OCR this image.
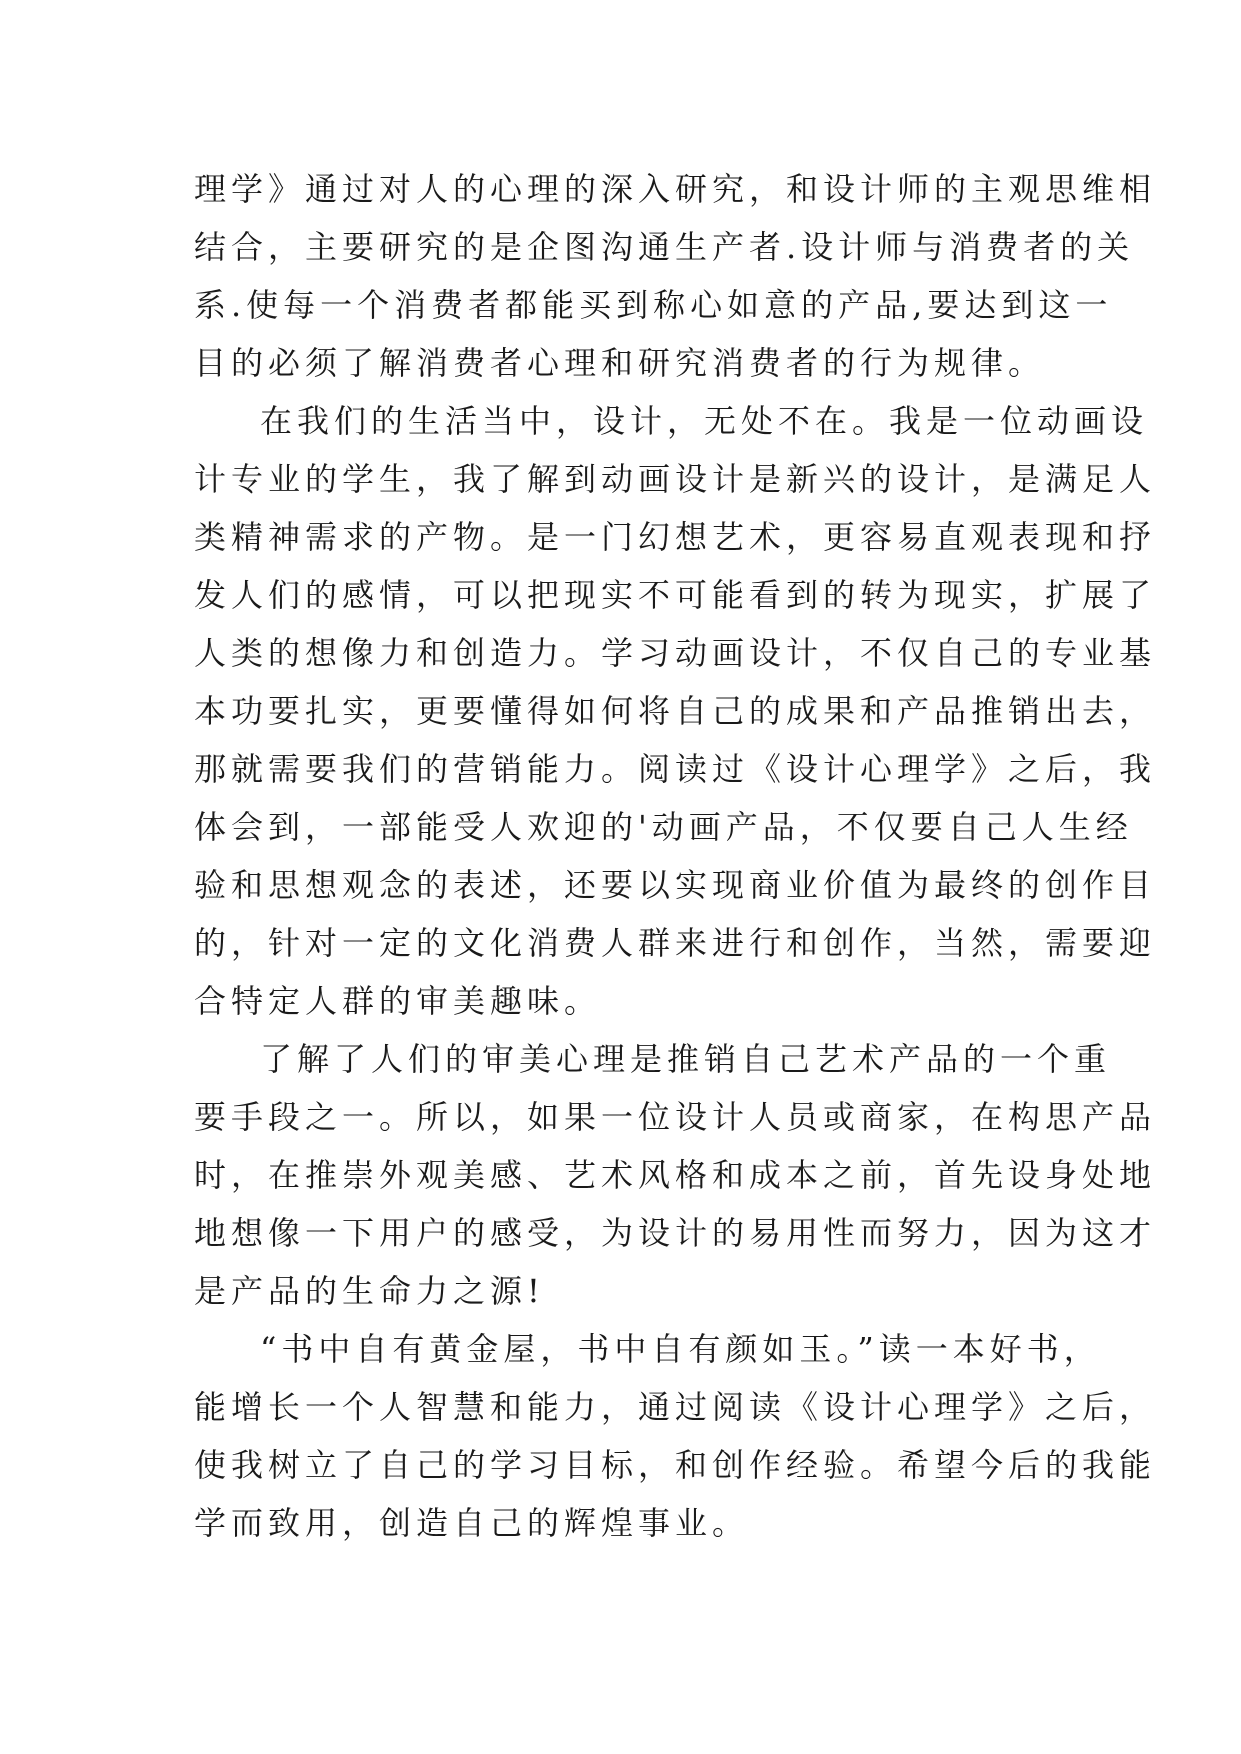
理学》通过对人的心理的深入研究，和设计师的主观思维相
结合，主要研究的是企图沟通生产者.设计师与消费者的关
系.使每一个消费者都能买到称心如意的产品,要达到这一
目的必须了解消费者心理和研究消费者的行为规律。
在我们的生活当中，设计，无处不在。我是一位动画设
计专业的学生，我了解到动画设计是新兴的设计，是满足人
类精神需求的产物。是一门幻想艺术，更容易直观表现和抒
发人们的感情，可以把现实不可能看到的转为现实，扩展了
人类的想像力和创造力。学习动画设计，不仅自己的专业基
本功要扎实，更要懂得如何将自己的成果和产品推销出去，
那就需要我们的营销能力。阅读过《设计心理学》之后，我
体会到，一部能受人欢迎的'动画产品，不仅要自己人生经
验和思想观念的表述，还要以实现商业价值为最终的创作目
的，针对一定的文化消费人群来进行和创作，当然，需要迎
合特定人群的审美趣味。
了解了人们的审美心理是推销自己艺术产品的一个重
要手段之一。所以，如果一位设计人员或商家，在构思产品
时，在推崇外观美感、艺术风格和成本之前，首先设身处地
地想像一下用户的感受，为设计的易用性而努力，因为这才
是产品的生命力之源!
“书中自有黄金屋，书中自有颜如玉。”读一本好书，
能增长一个人智慧和能力，通过阅读《设计心理学》之后，
使我树立了自己的学习目标，和创作经验。希望今后的我能
学而致用，创造自己的辉煌事业。
